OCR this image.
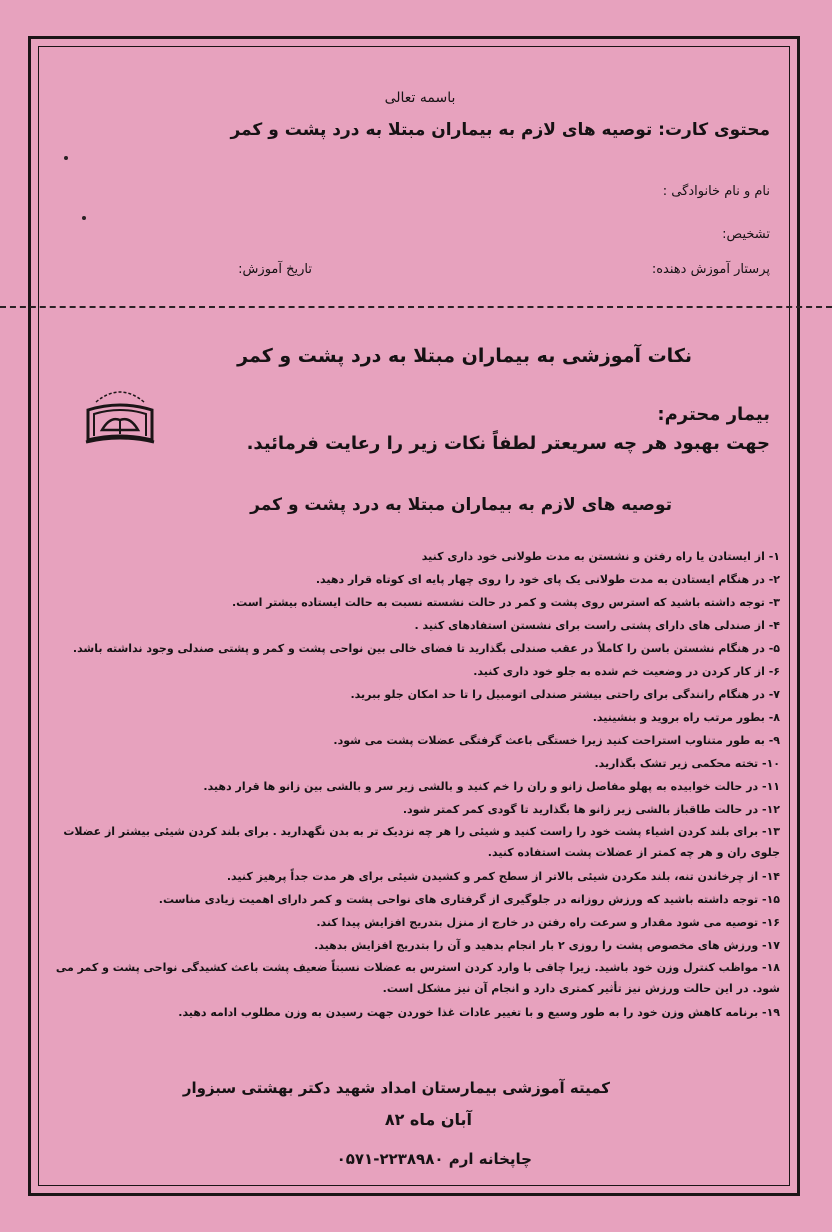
باسمه تعالی
محتوی کارت: توصیه های لازم به بیماران مبتلا به درد پشت و کمر
نام و نام خانوادگی :
تشخیص:
پرستار آموزش دهنده:
تاریخ آموزش:
نکات آموزشی به بیماران مبتلا به درد پشت و کمر
بیمار محترم:
جهت بهبود هر چه سریعتر لطفاً نکات زیر را رعایت فرمائید.
توصیه های لازم به بیماران مبتلا به درد پشت و کمر
۱- از ایستادن یا راه رفتن و نشستن به مدت طولانی خود داری کنید
۲- در هنگام ایستادن به مدت طولانی یک پای خود را روی چهار پایه ای کوتاه قرار دهید.
۳- توجه داشته باشید که استرس روی پشت و کمر در حالت نشسته نسبت به حالت ایستاده بیشتر است.
۴- از صندلی های دارای پشتی راست برای نشستن استفادهای کنید .
۵- در هنگام نشستن باسن را کاملاً در عقب صندلی بگذارید تا فضای خالی بین نواحی پشت و کمر و پشتی صندلی وجود نداشته باشد.
۶- از کار کردن در وضعیت خم شده به جلو خود داری کنید.
۷- در هنگام رانندگی برای راحتی بیشتر صندلی اتومبیل را تا حد امکان جلو ببرید.
۸- بطور مرتب راه بروید و بنشینید.
۹- به طور متناوب استراحت کنید زیرا خستگی باعث گرفتگی عضلات پشت می شود.
۱۰- تخته محکمی زیر تشک بگذارید.
۱۱- در حالت خوابیده به پهلو مفاصل زانو و ران را خم کنید و بالشی زیر سر و بالشی بین زانو ها قرار دهید.
۱۲- در حالت طاقباز بالشی زیر زانو ها بگذارید تا گودی کمر کمتر شود.
۱۳- برای بلند کردن اشیاء پشت خود را راست کنید و شیئی را هر چه نزدیک تر به بدن نگهدارید . برای بلند کردن شیئی بیشتر از عضلات جلوی ران و هر چه کمتر از عضلات پشت استفاده کنید.
۱۴- از چرخاندن تنه، بلند مکردن شیئی بالاتر از سطح کمر و کشیدن شیئی برای هر مدت جداً پرهیز کنید.
۱۵- توجه داشته باشید که ورزش روزانه در جلوگیری از گرفتاری های نواحی پشت و کمر دارای اهمیت زیادی مناست.
۱۶- توصیه می شود مقدار و سرعت راه رفتن در خارج از منزل بتدریج افزایش پیدا کند.
۱۷- ورزش های مخصوص پشت را روزی ۲ بار انجام بدهید و آن را بتدریج افزایش بدهید.
۱۸- مواظب کنترل وزن خود باشید. زیرا چاقی با وارد کردن استرس به عضلات نسبتاً ضعیف پشت باعث کشیدگی نواحی پشت و کمر می شود. در این حالت ورزش نیز تأثیر کمتری دارد و انجام آن نیز مشکل است.
۱۹- برنامه کاهش وزن خود را به طور وسیع و با تغییر عادات غذا خوردن جهت رسیدن به وزن مطلوب ادامه دهید.
کمیته آموزشی بیمارستان امداد شهید دکتر بهشتی سبزوار
آبان ماه ۸۲
چاپخانه ارم ۲۲۳۸۹۸۰-۰۵۷۱
